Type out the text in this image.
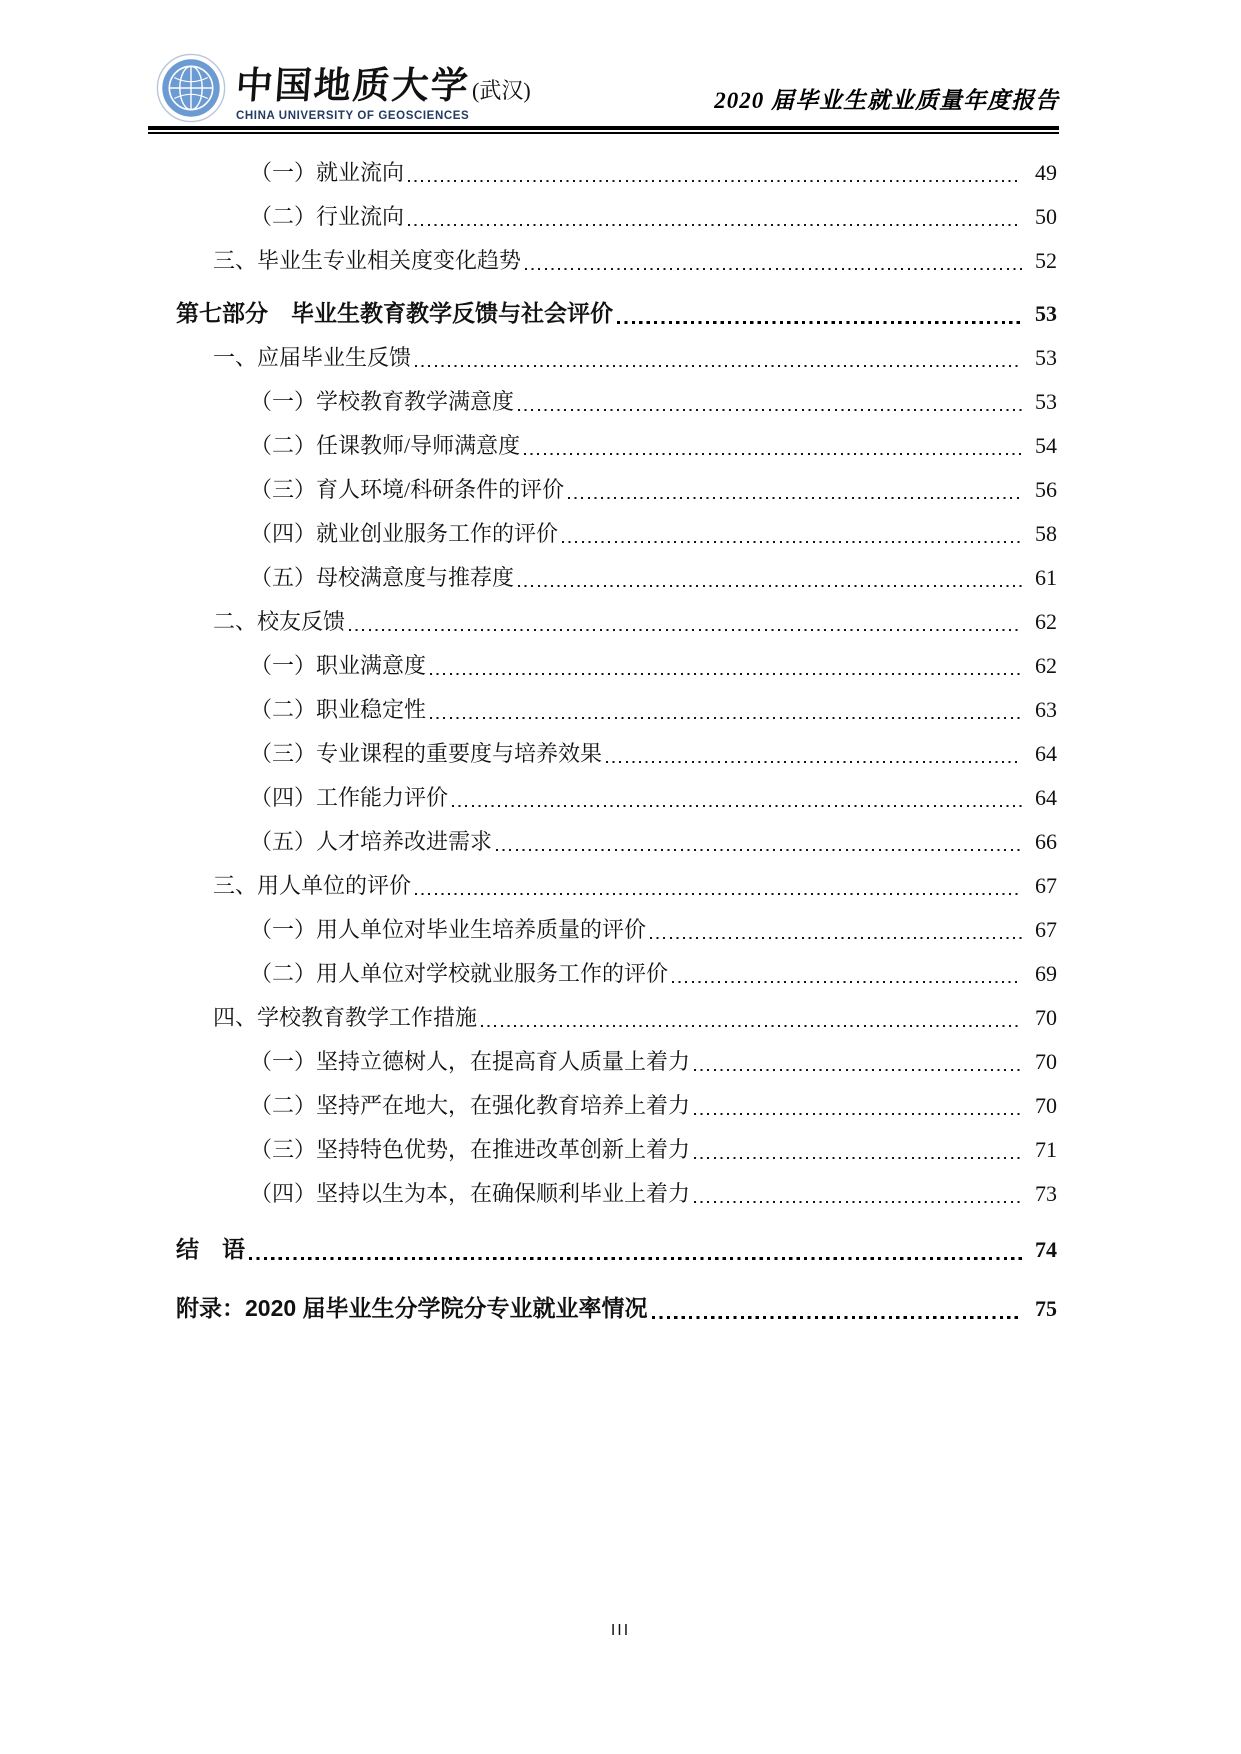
中国地质大学 (武汉)
CHINA UNIVERSITY OF GEOSCIENCES
2020 届毕业生就业质量年度报告
（一）就业流向	49
（二）行业流向	50
三、毕业生专业相关度变化趋势	52
第七部分　毕业生教育教学反馈与社会评价	53
一、应届毕业生反馈	53
（一）学校教育教学满意度	53
（二）任课教师/导师满意度	54
（三）育人环境/科研条件的评价	56
（四）就业创业服务工作的评价	58
（五）母校满意度与推荐度	61
二、校友反馈	62
（一）职业满意度	62
（二）职业稳定性	63
（三）专业课程的重要度与培养效果	64
（四）工作能力评价	64
（五）人才培养改进需求	66
三、用人单位的评价	67
（一）用人单位对毕业生培养质量的评价	67
（二）用人单位对学校就业服务工作的评价	69
四、学校教育教学工作措施	70
（一）坚持立德树人，在提高育人质量上着力	70
（二）坚持严在地大，在强化教育培养上着力	70
（三）坚持特色优势，在推进改革创新上着力	71
（四）坚持以生为本，在确保顺利毕业上着力	73
结　语	74
附录：2020 届毕业生分学院分专业就业率情况	75
III
